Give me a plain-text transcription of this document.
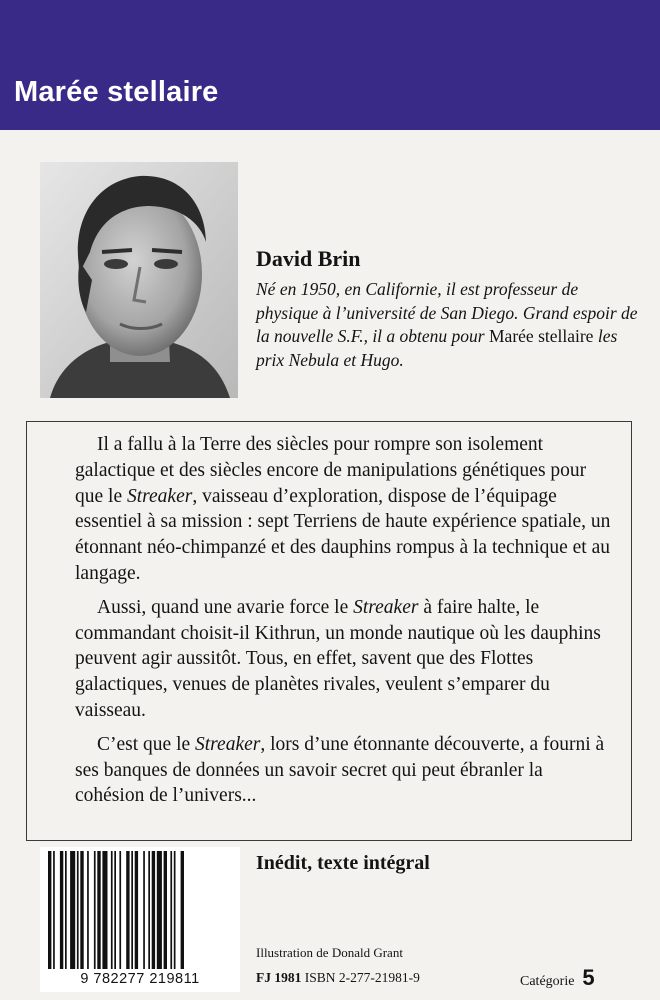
Marée stellaire
David Brin
Né en 1950, en Californie, il est professeur de physique à l’université de San Diego. Grand espoir de la nouvelle S.F., il a obtenu pour Marée stellaire les prix Nebula et Hugo.

Il a fallu à la Terre des siècles pour rompre son isolement galactique et des siècles encore de manipulations génétiques pour que le Streaker, vaisseau d’exploration, dispose de l’équipage essentiel à sa mission : sept Terriens de haute expérience spatiale, un étonnant néo-chimpanzé et des dauphins rompus à la technique et au langage.

Aussi, quand une avarie force le Streaker à faire halte, le commandant choisit-il Kithrun, un monde nautique où les dauphins peuvent agir aussitôt. Tous, en effet, savent que des Flottes galactiques, venues de planètes rivales, veulent s’emparer du vaisseau.

C’est que le Streaker, lors d’une étonnante découverte, a fourni à ses banques de données un savoir secret qui peut ébranler la cohésion de l’univers...

9 782277 219811
Inédit, texte intégral
Illustration de Donald Grant
FJ 1981 ISBN 2-277-21981-9	Catégorie 5
